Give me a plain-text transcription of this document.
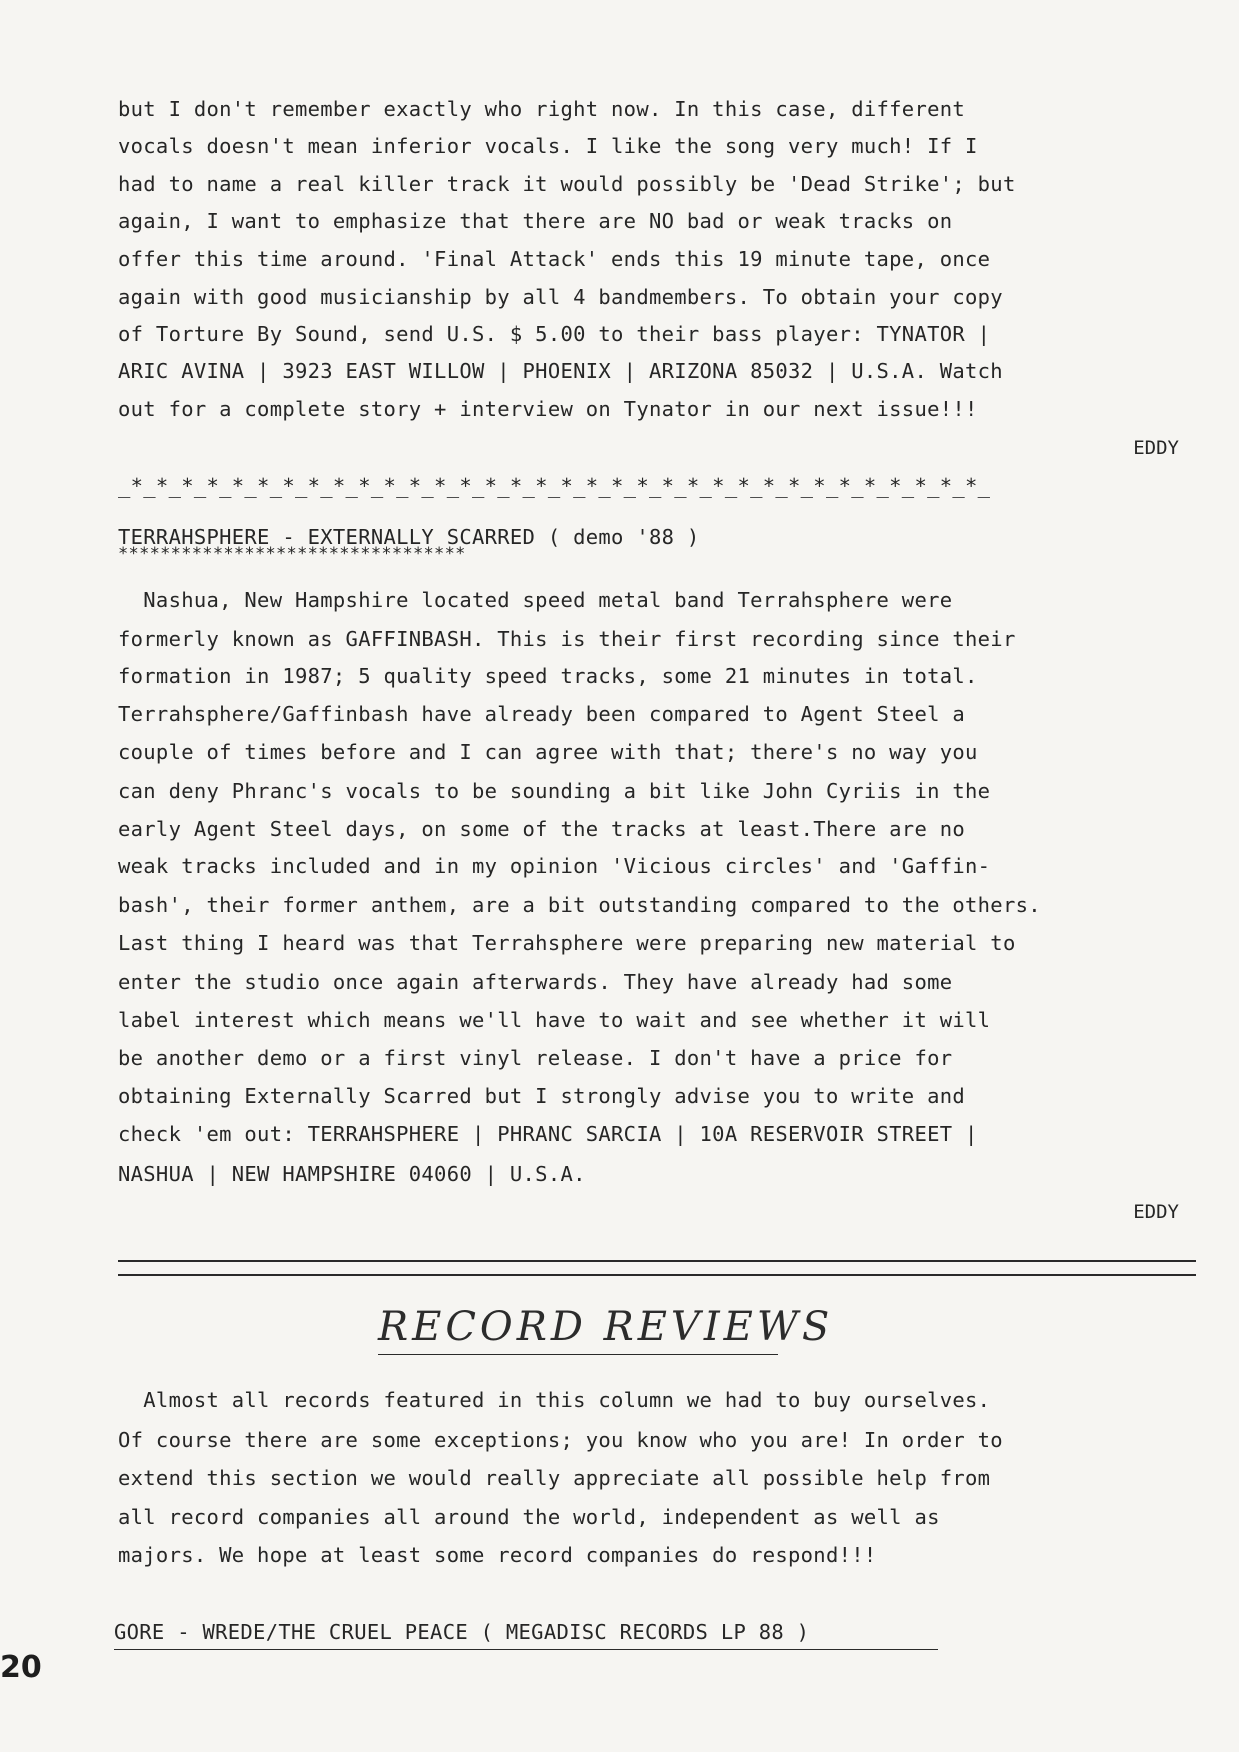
but I don't remember exactly who right now. In this case, different
vocals doesn't mean inferior vocals. I like the song very much! If I
had to name a real killer track it would possibly be 'Dead Strike'; but
again, I want to emphasize that there are NO bad or weak tracks on
offer this time around. 'Final Attack' ends this 19 minute tape, once
again with good musicianship by all 4 bandmembers. To obtain your copy
of Torture By Sound, send U.S. $ 5.00 to their bass player: TYNATOR |
ARIC AVINA | 3923 EAST WILLOW | PHOENIX | ARIZONA 85032 | U.S.A. Watch
out for a complete story + interview on Tynator in our next issue!!!
EDDY
_*_*_*_*_*_*_*_*_*_*_*_*_*_*_*_*_*_*_*_*_*_*_*_*_*_*_*_*_*_*_*_*_*_*_
TERRAHSPHERE - EXTERNALLY SCARRED ( demo '88 )
*********************************
Nashua, New Hampshire located speed metal band Terrahsphere were
formerly known as GAFFINBASH. This is their first recording since their
formation in 1987; 5 quality speed tracks, some 21 minutes in total.
Terrahsphere/Gaffinbash have already been compared to Agent Steel a
couple of times before and I can agree with that; there's no way you
can deny Phranc's vocals to be sounding a bit like John Cyriis in the
early Agent Steel days, on some of the tracks at least.There are no
weak tracks included and in my opinion 'Vicious circles' and 'Gaffin-
bash', their former anthem, are a bit outstanding compared to the others.
Last thing I heard was that Terrahsphere were preparing new material to
enter the studio once again afterwards. They have already had some
label interest which means we'll have to wait and see whether it will
be another demo or a first vinyl release. I don't have a price for
obtaining Externally Scarred but I strongly advise you to write and
check 'em out: TERRAHSPHERE | PHRANC SARCIA | 10A RESERVOIR STREET |
NASHUA | NEW HAMPSHIRE 04060 | U.S.A.
EDDY
RECORD REVIEWS
Almost all records featured in this column we had to buy ourselves.
Of course there are some exceptions; you know who you are! In order to
extend this section we would really appreciate all possible help from
all record companies all around the world, independent as well as
majors. We hope at least some record companies do respond!!!
GORE - WREDE/THE CRUEL PEACE ( MEGADISC RECORDS LP 88 )
20
